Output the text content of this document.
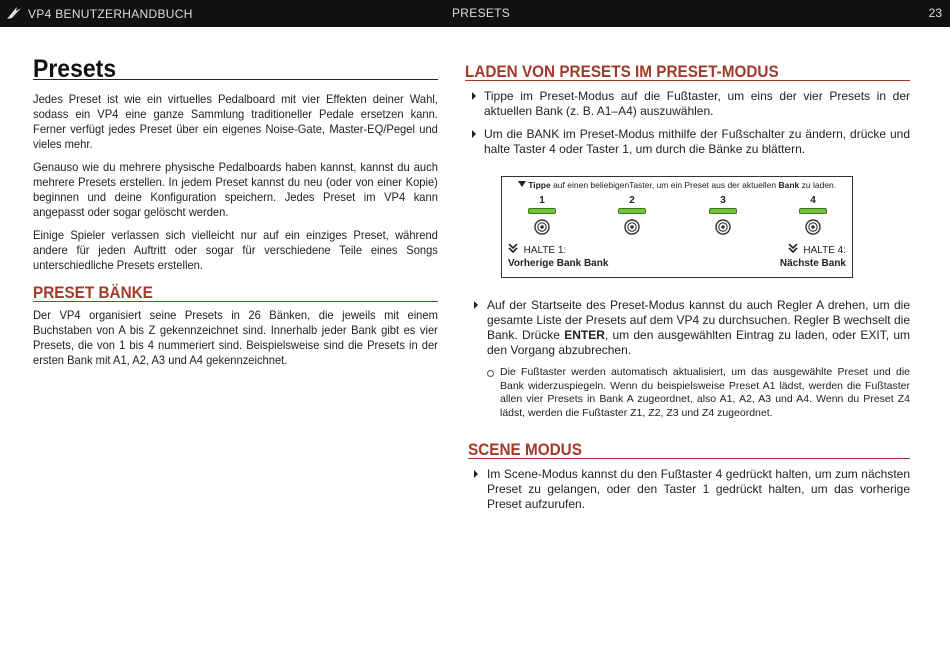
VP4 BENUTZERHANDBUCH	PRESETS	23
Presets

Jedes Preset ist wie ein virtuelles Pedalboard mit vier Effekten deiner Wahl, sodass ein VP4 eine ganze Sammlung traditioneller Pedale ersetzen kann. Ferner verfügt jedes Preset über ein eigenes Noise-Gate, Master-EQ/Pegel und vieles mehr.

Genauso wie du mehrere physische Pedalboards haben kannst, kannst du auch mehrere Presets erstellen. In jedem Preset kannst du neu (oder von einer Kopie) beginnen und deine Konfiguration speichern. Jedes Preset im VP4 kann angepasst oder sogar gelöscht werden.

Einige Spieler verlassen sich vielleicht nur auf ein einziges Preset, während andere für jeden Auftritt oder sogar für verschiedene Teile eines Songs unterschiedliche Presets erstellen.

PRESET BÄNKE

Der VP4 organisiert seine Presets in 26 Bänken, die jeweils mit einem Buchstaben von A bis Z gekennzeichnet sind. Innerhalb jeder Bank gibt es vier Presets, die von 1 bis 4 nummeriert sind. Beispielsweise sind die Presets in der ersten Bank mit A1, A2, A3 und A4 gekennzeichnet.

LADEN VON PRESETS IM PRESET-MODUS
Tippe im Preset-Modus auf die Fußtaster, um eins der vier Presets in der aktuellen Bank (z. B. A1–A4) auszuwählen.
Um die BANK im Preset-Modus mithilfe der Fußschalter zu ändern, drücke und halte Taster 4 oder Taster 1, um durch die Bänke zu blättern.
Auf der Startseite des Preset-Modus kannst du auch Regler A drehen, um die gesamte Liste der Presets auf dem VP4 zu durchsuchen. Regler B wechselt die Bank. Drücke ENTER, um den ausgewählten Eintrag zu laden, oder EXIT, um den Vorgang abzubrechen.
Die Fußtaster werden automatisch aktualisiert, um das ausgewählte Preset und die Bank widerzuspiegeln. Wenn du beispielsweise Preset A1 lädst, werden die Fußtaster allen vier Presets in Bank A zugeordnet, also A1, A2, A3 und A4. Wenn du Preset Z4 lädst, werden die Fußtaster Z1, Z2, Z3 und Z4 zugeordnet.
SCENE MODUS
Im Scene-Modus kannst du den Fußtaster 4 gedrückt halten, um zum nächsten Preset zu gelangen, oder den Taster 1 gedrückt halten, um das vorherige Preset aufzurufen.
Tippe auf einen beliebigenTaster, um ein Preset aus der aktuellen Bank zu laden.
1	2	3	4
HALTE 1:
Vorherige Bank Bank
HALTE 4:
Nächste Bank
